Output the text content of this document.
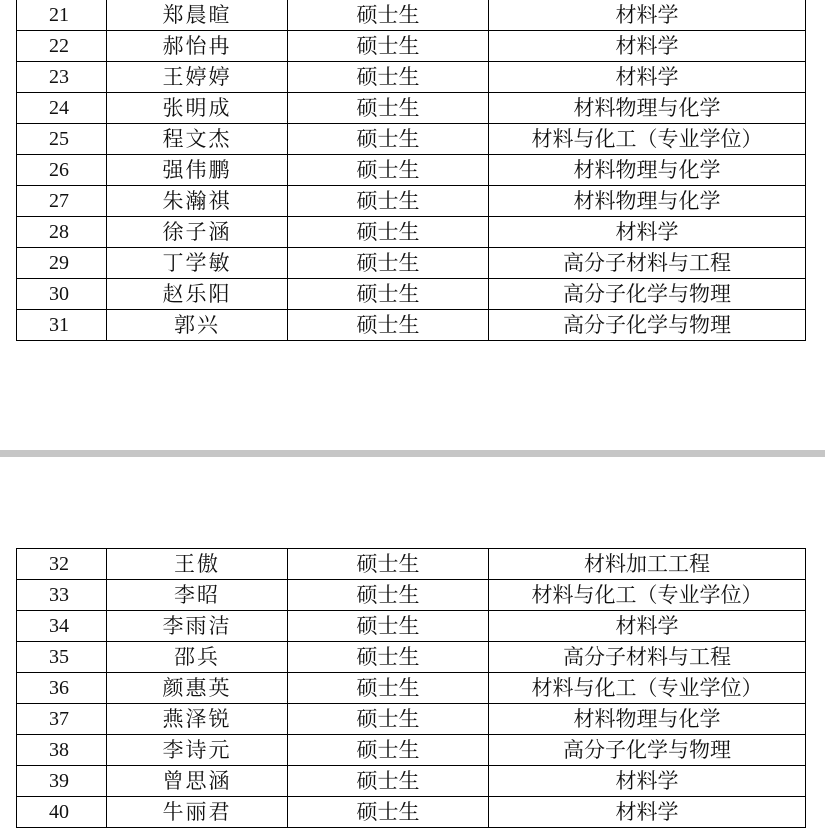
21	郑晨暄	硕士生	材料学
22	郝怡冉	硕士生	材料学
23	王婷婷	硕士生	材料学
24	张明成	硕士生	材料物理与化学
25	程文杰	硕士生	材料与化工（专业学位）
26	强伟鹏	硕士生	材料物理与化学
27	朱瀚祺	硕士生	材料物理与化学
28	徐子涵	硕士生	材料学
29	丁学敏	硕士生	高分子材料与工程
30	赵乐阳	硕士生	高分子化学与物理
31	郭兴	硕士生	高分子化学与物理
32	王傲	硕士生	材料加工工程
33	李昭	硕士生	材料与化工（专业学位）
34	李雨洁	硕士生	材料学
35	邵兵	硕士生	高分子材料与工程
36	颜惠英	硕士生	材料与化工（专业学位）
37	燕泽锐	硕士生	材料物理与化学
38	李诗元	硕士生	高分子化学与物理
39	曾思涵	硕士生	材料学
40	牛丽君	硕士生	材料学
